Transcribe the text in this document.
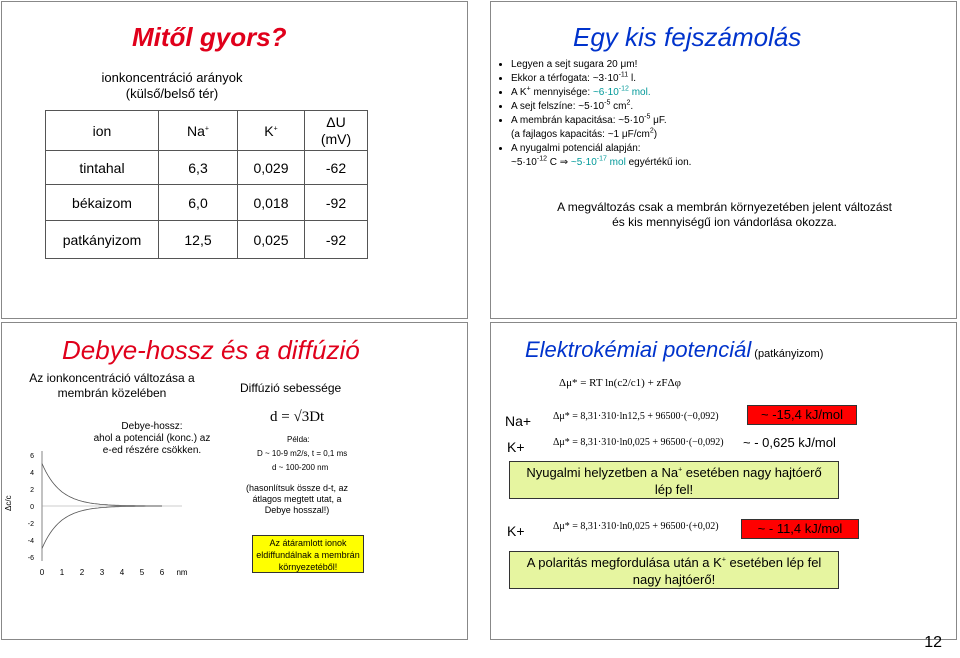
Mitől gyors?
ionkoncentráció arányok
(külső/belső tér)
ion	Na+	K+	ΔU
(mV)

tintahal	6,3	0,029	-62
békaizom	6,0	0,018	-92
patkányizom	12,5	0,025	-92
Egy kis fejszámolás
• Legyen a sejt sugara 20 μm!
• Ekkor a térfogata: $\sim 3\cdot 10^{-11}$ l.
• A K+ mennyisége: $\sim 6\cdot 10^{-12}$ mol.
• A sejt felszíne: $\sim 5\cdot 10^{-5}$ $cm^2$.
• A membrán kapacitása: $\sim 5\cdot 10^{-5}$ μF.
(a fajlagos kapacitás: ~1 $\mu F/cm^2$)
• A nyugalmi potenciál alapján:
$\sim 5\cdot 10^{-12}$ C ⇒ $\sim 5\cdot 10^{-17}$ mol egyértékű ion.
A megváltozás csak a membrán környezetében jelent változást
és kis mennyiségű ion vándorlása okozza.
Debye-hossz és a diffúzió
Az ionkoncentráció változása a
membrán közelében
Debye-hossz:
ahol a potenciál (konc.) az
e-ed részére csökken.
Δc/c
6
4
2
0
-2
-4
-6
0 1 2 3 4 5 6 nm
Diffúzió sebessége
d = √3Dt
Példa:
D ~ 10-9 m2/s, t = 0,1 ms
d ~ 100-200 nm
(hasonlítsuk össze d-t, az
átlagos megtett utat, a
Debye hosszal!)
Az átáramlott ionok
eldiffundálnak a membrán
környezetéből!
Elektrokémiai potenciál (patkányizom)
Δμ* = RT ln(c2/c1) + zFΔφ
Na+ Δμ* = 8,31·310·ln12,5 + 96500·(−0,092)	~ -15,4 kJ/mol
K+	Δμ* = 8,31·310·ln0,025 + 96500·(−0,092) ~ - 0,625 kJ/mol
Nyugalmi helyzetben a Na+ esetében nagy hajtóerő
lép fel!
K+	Δμ* = 8,31·310·ln0,025 + 96500·(+0,02)	~ - 11,4 kJ/mol
A polaritás megfordulása után a K+ esetében lép fel
nagy hajtóerő!
12
